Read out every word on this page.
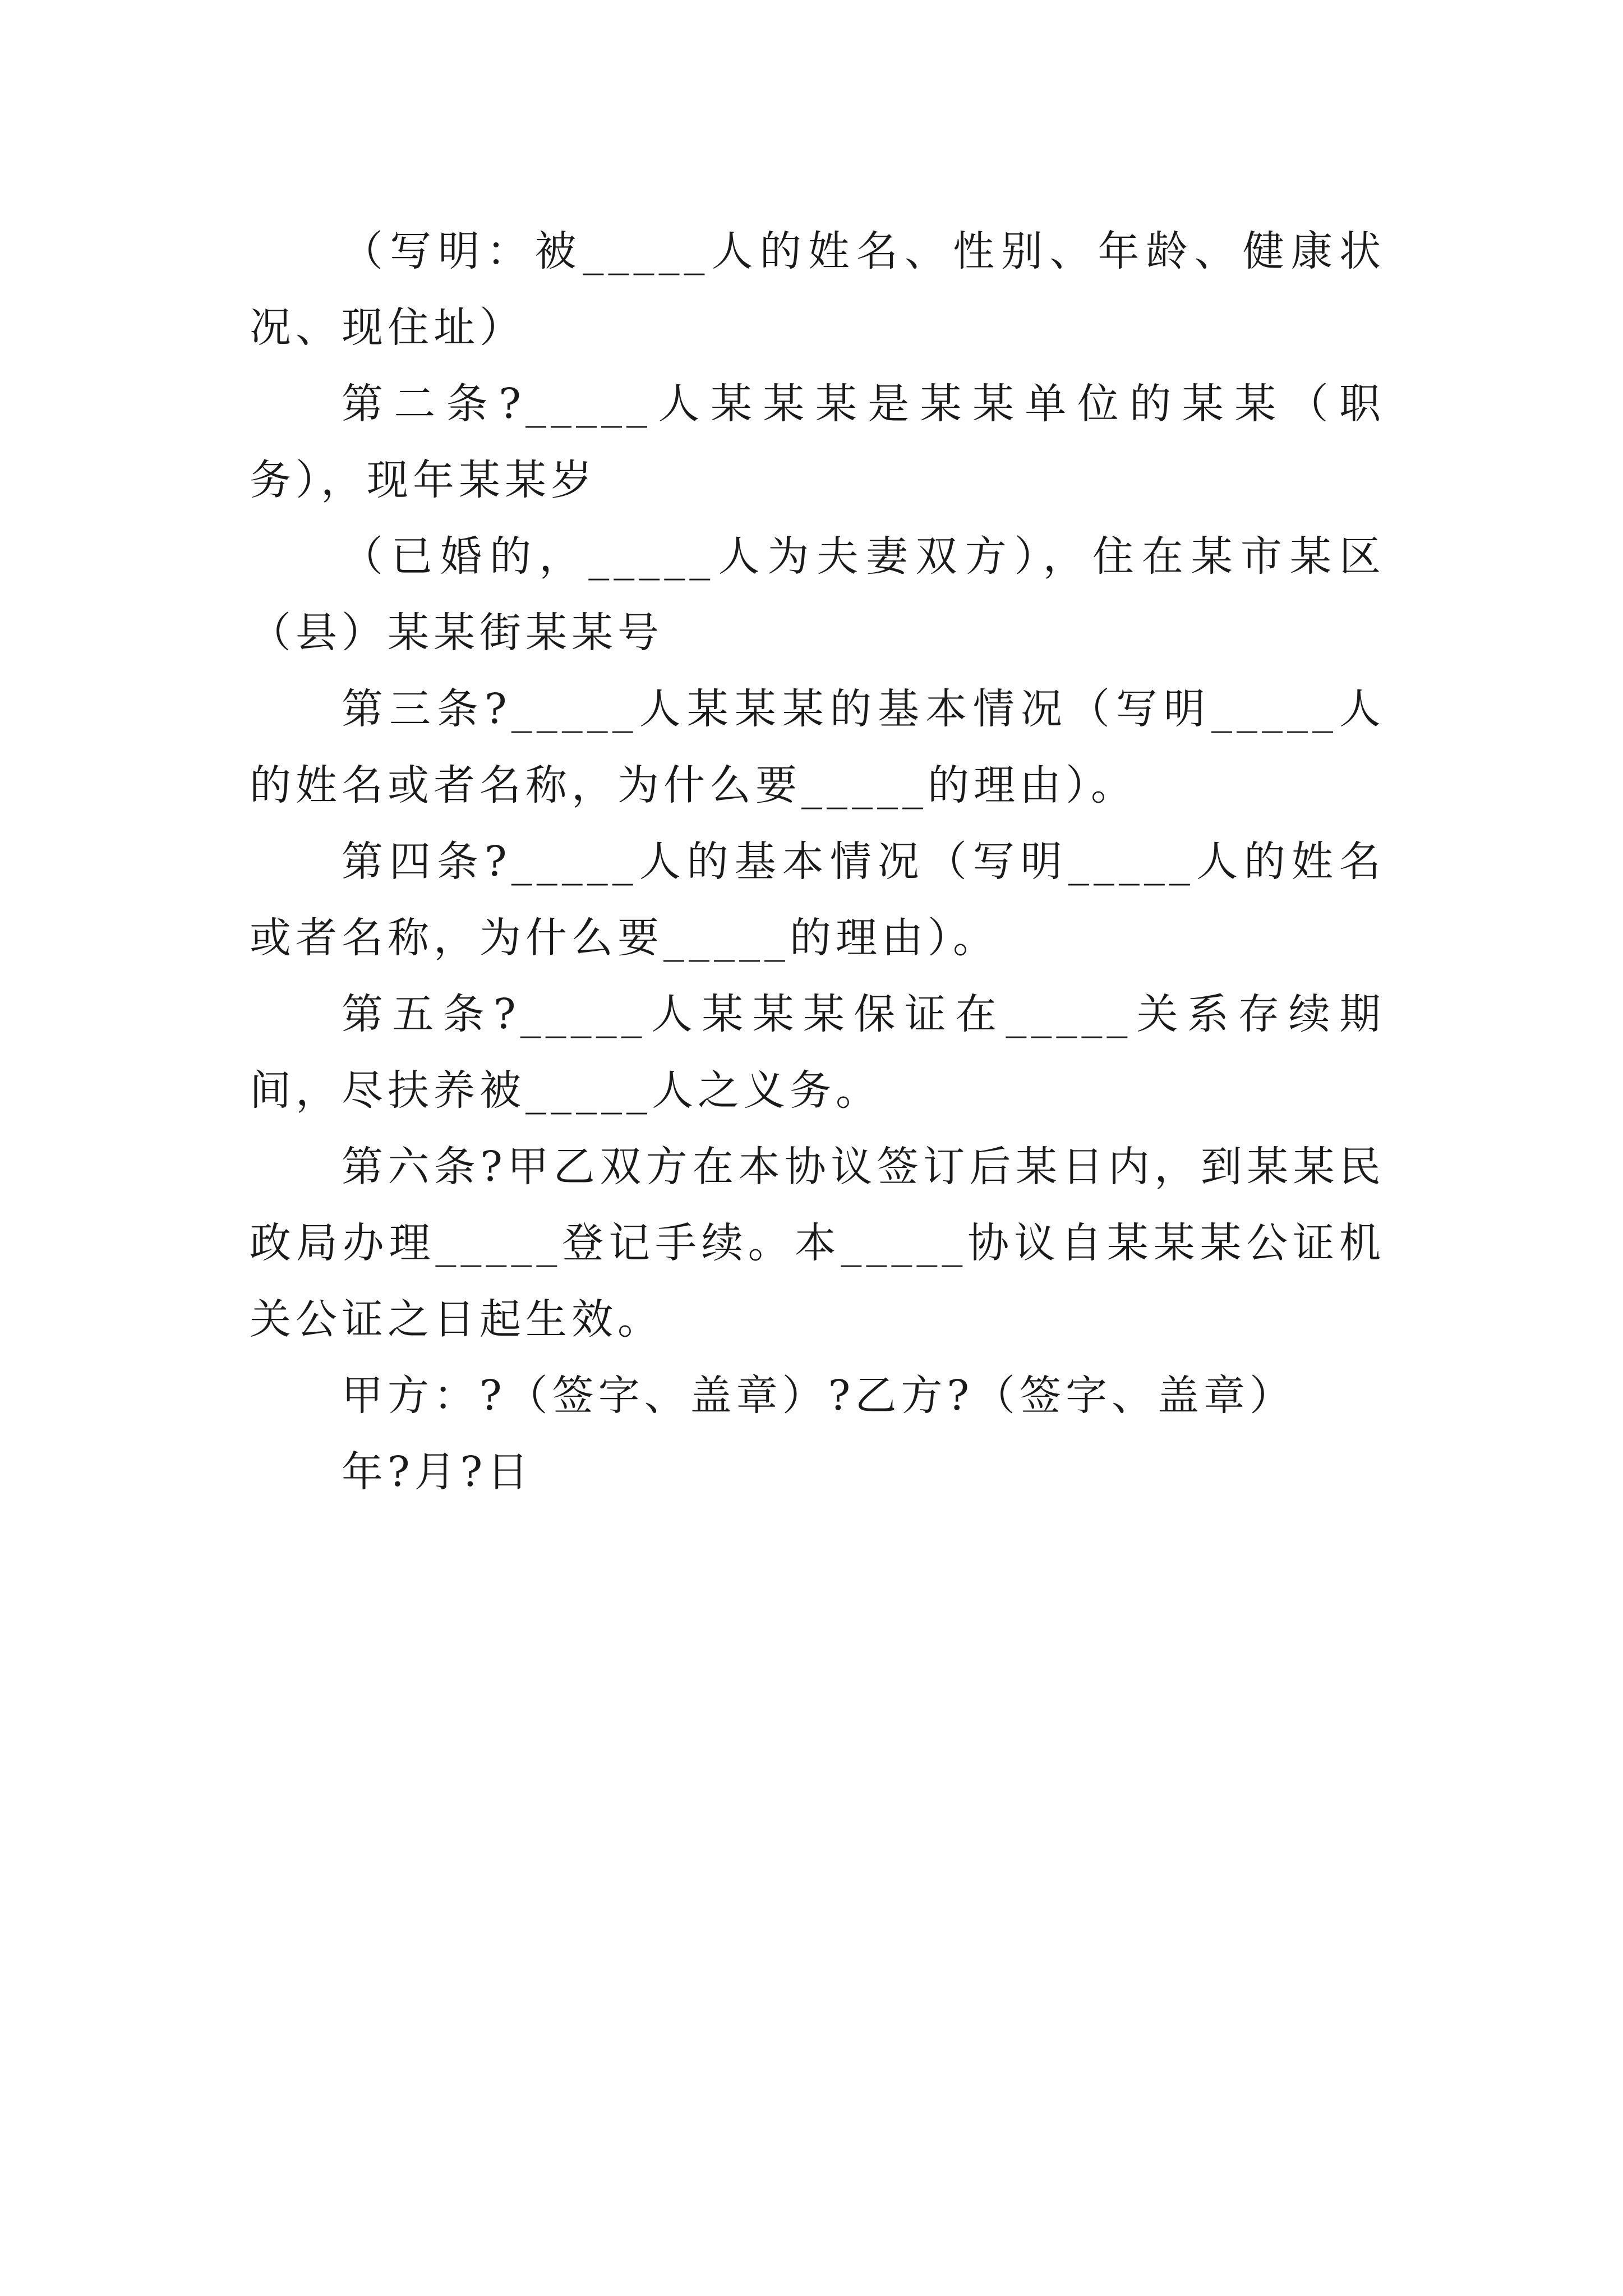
（写明：被_____人的姓名、性别、年龄、健康状况、现住址）

第二条?_____人某某某是某某单位的某某（职务），现年某某岁

（已婚的，_____人为夫妻双方），住在某市某区（县）某某街某某号

第三条?_____人某某某的基本情况（写明_____人的姓名或者名称，为什么要_____的理由）。

第四条?_____人的基本情况（写明_____人的姓名或者名称，为什么要_____的理由）。

第五条?_____人某某某保证在_____关系存续期间，尽扶养被_____人之义务。

第六条?甲乙双方在本协议签订后某日内，到某某民政局办理_____登记手续。本_____协议自某某某公证机关公证之日起生效。

甲方：?（签字、盖章）?乙方?（签字、盖章）

年?月?日
